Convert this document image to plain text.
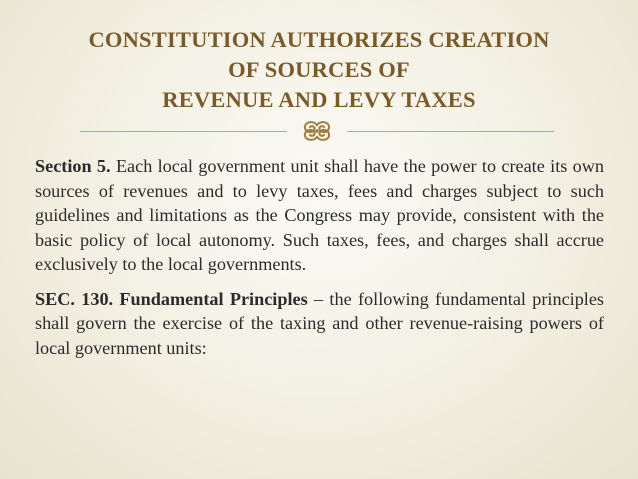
CONSTITUTION AUTHORIZES CREATION
OF SOURCES OF
REVENUE AND LEVY TAXES

Section 5. Each local government unit shall have the power to create its own sources of revenues and to levy taxes, fees and charges subject to such guidelines and limitations as the Congress may provide, consistent with the basic policy of local autonomy. Such taxes, fees, and charges shall accrue exclusively to the local governments.

SEC. 130. Fundamental Principles – the following fundamental principles shall govern the exercise of the taxing and other revenue-raising powers of local government units:
